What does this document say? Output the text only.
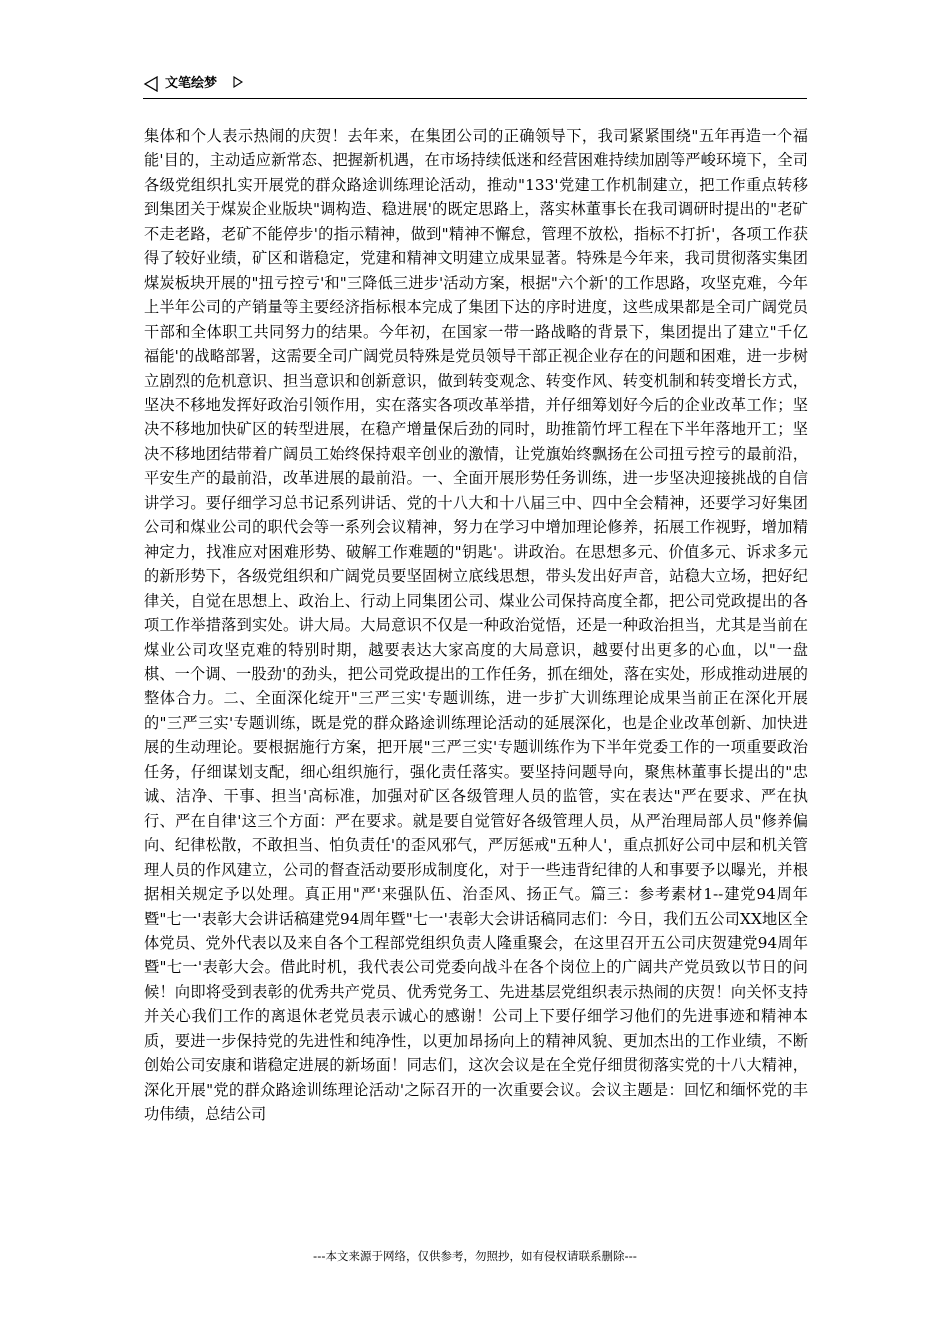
文笔绘梦
集体和个人表示热闹的庆贺！去年来，在集团公司的正确领导下，我司紧紧围绕"五年再造一个福能'目的，主动适应新常态、把握新机遇，在市场持续低迷和经营困难持续加剧等严峻环境下，全司各级党组织扎实开展党的群众路途训练理论活动，推动"133'党建工作机制建立，把工作重点转移到集团关于煤炭企业版块"调构造、稳进展'的既定思路上，落实林董事长在我司调研时提出的"老矿不走老路，老矿不能停步'的指示精神，做到"精神不懈怠，管理不放松，指标不打折'，各项工作获得了较好业绩，矿区和谐稳定，党建和精神文明建立成果显著。特殊是今年来，我司贯彻落实集团煤炭板块开展的"扭亏控亏'和"三降低三进步'活动方案，根据"六个新'的工作思路，攻坚克难，今年上半年公司的产销量等主要经济指标根本完成了集团下达的序时进度，这些成果都是全司广阔党员干部和全体职工共同努力的结果。今年初，在国家一带一路战略的背景下，集团提出了建立"千亿福能'的战略部署，这需要全司广阔党员特殊是党员领导干部正视企业存在的问题和困难，进一步树立剧烈的危机意识、担当意识和创新意识，做到转变观念、转变作风、转变机制和转变增长方式，坚决不移地发挥好政治引领作用，实在落实各项改革举措，并仔细筹划好今后的企业改革工作；坚决不移地加快矿区的转型进展，在稳产增量保后劲的同时，助推箭竹坪工程在下半年落地开工；坚决不移地团结带着广阔员工始终保持艰辛创业的激情，让党旗始终飘扬在公司扭亏控亏的最前沿，平安生产的最前沿，改革进展的最前沿。一、全面开展形势任务训练，进一步坚决迎接挑战的自信讲学习。要仔细学习总书记系列讲话、党的十八大和十八届三中、四中全会精神，还要学习好集团公司和煤业公司的职代会等一系列会议精神，努力在学习中增加理论修养，拓展工作视野，增加精神定力，找准应对困难形势、破解工作难题的"钥匙'。讲政治。在思想多元、价值多元、诉求多元的新形势下，各级党组织和广阔党员要坚固树立底线思想，带头发出好声音，站稳大立场，把好纪律关，自觉在思想上、政治上、行动上同集团公司、煤业公司保持高度全都，把公司党政提出的各项工作举措落到实处。讲大局。大局意识不仅是一种政治觉悟，还是一种政治担当，尤其是当前在煤业公司攻坚克难的特别时期，越要表达大家高度的大局意识，越要付出更多的心血，以"一盘棋、一个调、一股劲'的劲头，把公司党政提出的工作任务，抓在细处，落在实处，形成推动进展的整体合力。二、全面深化绽开"三严三实'专题训练，进一步扩大训练理论成果当前正在深化开展的"三严三实'专题训练，既是党的群众路途训练理论活动的延展深化，也是企业改革创新、加快进展的生动理论。要根据施行方案，把开展"三严三实'专题训练作为下半年党委工作的一项重要政治任务，仔细谋划支配，细心组织施行，强化责任落实。要坚持问题导向，聚焦林董事长提出的"忠诚、洁净、干事、担当'高标准，加强对矿区各级管理人员的监管，实在表达"严在要求、严在执行、严在自律'这三个方面：严在要求。就是要自觉管好各级管理人员，从严治理局部人员"修养偏向、纪律松散，不敢担当、怕负责任'的歪风邪气，严厉惩戒"五种人'，重点抓好公司中层和机关管理人员的作风建立，公司的督查活动要形成制度化，对于一些违背纪律的人和事要予以曝光，并根据相关规定予以处理。真正用"严'来强队伍、治歪风、扬正气。篇三：参考素材1--建党94周年暨"七一'表彰大会讲话稿建党94周年暨"七一'表彰大会讲话稿同志们：今日，我们五公司XX地区全体党员、党外代表以及来自各个工程部党组织负责人隆重聚会，在这里召开五公司庆贺建党94周年暨"七一'表彰大会。借此时机，我代表公司党委向战斗在各个岗位上的广阔共产党员致以节日的问候！向即将受到表彰的优秀共产党员、优秀党务工、先进基层党组织表示热闹的庆贺！向关怀支持并关心我们工作的离退休老党员表示诚心的感谢！公司上下要仔细学习他们的先进事迹和精神本质，要进一步保持党的先进性和纯净性，以更加昂扬向上的精神风貌、更加杰出的工作业绩，不断创始公司安康和谐稳定进展的新场面！同志们，这次会议是在全党仔细贯彻落实党的十八大精神，深化开展"党的群众路途训练理论活动'之际召开的一次重要会议。会议主题是：回忆和缅怀党的丰功伟绩，总结公司
---本文来源于网络，仅供参考，勿照抄，如有侵权请联系删除---
